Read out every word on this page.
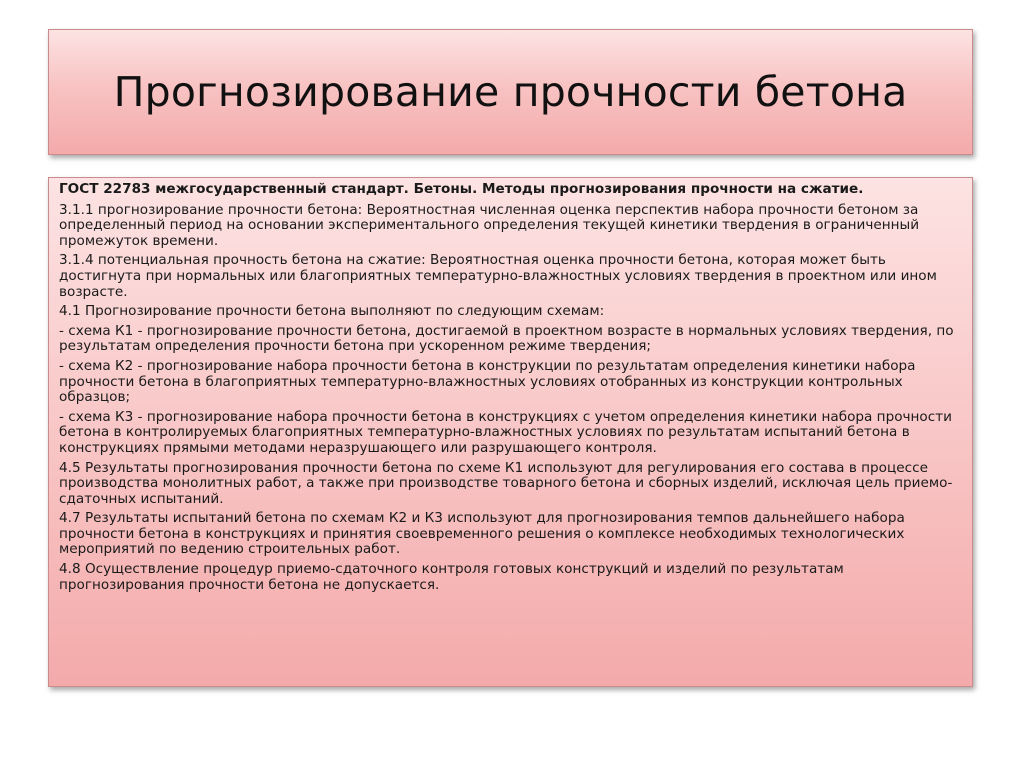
Прогнозирование прочности бетона

ГОСТ 22783 межгосударственный стандарт. Бетоны. Методы прогнозирования прочности на сжатие.

3.1.1 прогнозирование прочности бетона: Вероятностная численная оценка перспектив набора прочности бетоном за определенный период на основании экспериментального определения текущей кинетики твердения в ограниченный промежуток времени.

3.1.4 потенциальная прочность бетона на сжатие: Вероятностная оценка прочности бетона, которая может быть достигнута при нормальных или благоприятных температурно-влажностных условиях твердения в проектном или ином возрасте.

4.1 Прогнозирование прочности бетона выполняют по следующим схемам:

- схема К1 - прогнозирование прочности бетона, достигаемой в проектном возрасте в нормальных условиях твердения, по результатам определения прочности бетона при ускоренном режиме твердения;

- схема К2 - прогнозирование набора прочности бетона в конструкции по результатам определения кинетики набора прочности бетона в благоприятных температурно-влажностных условиях отобранных из конструкции контрольных образцов;

- схема К3 - прогнозирование набора прочности бетона в конструкциях с учетом определения кинетики набора прочности бетона в контролируемых благоприятных температурно-влажностных условиях по результатам испытаний бетона в конструкциях прямыми методами неразрушающего или разрушающего контроля.

4.5 Результаты прогнозирования прочности бетона по схеме К1 используют для регулирования его состава в процессе производства монолитных работ, а также при производстве товарного бетона и сборных изделий, исключая цель приемо-сдаточных испытаний.

4.7 Результаты испытаний бетона по схемам К2 и К3 используют для прогнозирования темпов дальнейшего набора прочности бетона в конструкциях и принятия своевременного решения о комплексе необходимых технологических мероприятий по ведению строительных работ.

4.8 Осуществление процедур приемо-сдаточного контроля готовых конструкций и изделий по результатам прогнозирования прочности бетона не допускается.
